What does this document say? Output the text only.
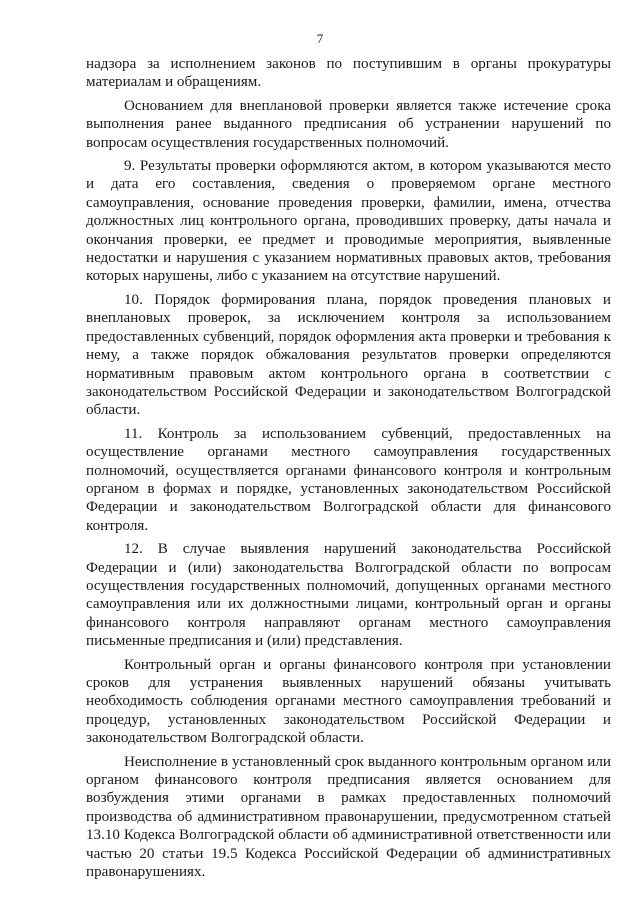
7

надзора за исполнением законов по поступившим в органы прокуратуры материалам и обращениям.

Основанием для внеплановой проверки является также истечение срока выполнения ранее выданного предписания об устранении нарушений по вопросам осуществления государственных полномочий.

9. Результаты проверки оформляются актом, в котором указываются место и дата его составления, сведения о проверяемом органе местного самоуправления, основание проведения проверки, фамилии, имена, отчества должностных лиц контрольного органа, проводивших проверку, даты начала и окончания проверки, ее предмет и проводимые мероприятия, выявленные недостатки и нарушения с указанием нормативных правовых актов, требования которых нарушены, либо с указанием на отсутствие нарушений.

10. Порядок формирования плана, порядок проведения плановых и внеплановых проверок, за исключением контроля за использованием предоставленных субвенций, порядок оформления акта проверки и требования к нему, а также порядок обжалования результатов проверки определяются нормативным правовым актом контрольного органа в соответствии с законодательством Российской Федерации и законодательством Волгоградской области.

11. Контроль за использованием субвенций, предоставленных на осуществление органами местного самоуправления государственных полномочий, осуществляется органами финансового контроля и контрольным органом в формах и порядке, установленных законодательством Российской Федерации и законодательством Волгоградской области для финансового контроля.

12. В случае выявления нарушений законодательства Российской Федерации и (или) законодательства Волгоградской области по вопросам осуществления государственных полномочий, допущенных органами местного самоуправления или их должностными лицами, контрольный орган и органы финансового контроля направляют органам местного самоуправления письменные предписания и (или) представления.

Контрольный орган и органы финансового контроля при установлении сроков для устранения выявленных нарушений обязаны учитывать необходимость соблюдения органами местного самоуправления требований и процедур, установленных законодательством Российской Федерации и законодательством Волгоградской области.

Неисполнение в установленный срок выданного контрольным органом или органом финансового контроля предписания является основанием для возбуждения этими органами в рамках предоставленных полномочий производства об административном правонарушении, предусмотренном статьей 13.10 Кодекса Волгоградской области об административной ответственности или частью 20 статьи 19.5 Кодекса Российской Федерации об административных правонарушениях.
